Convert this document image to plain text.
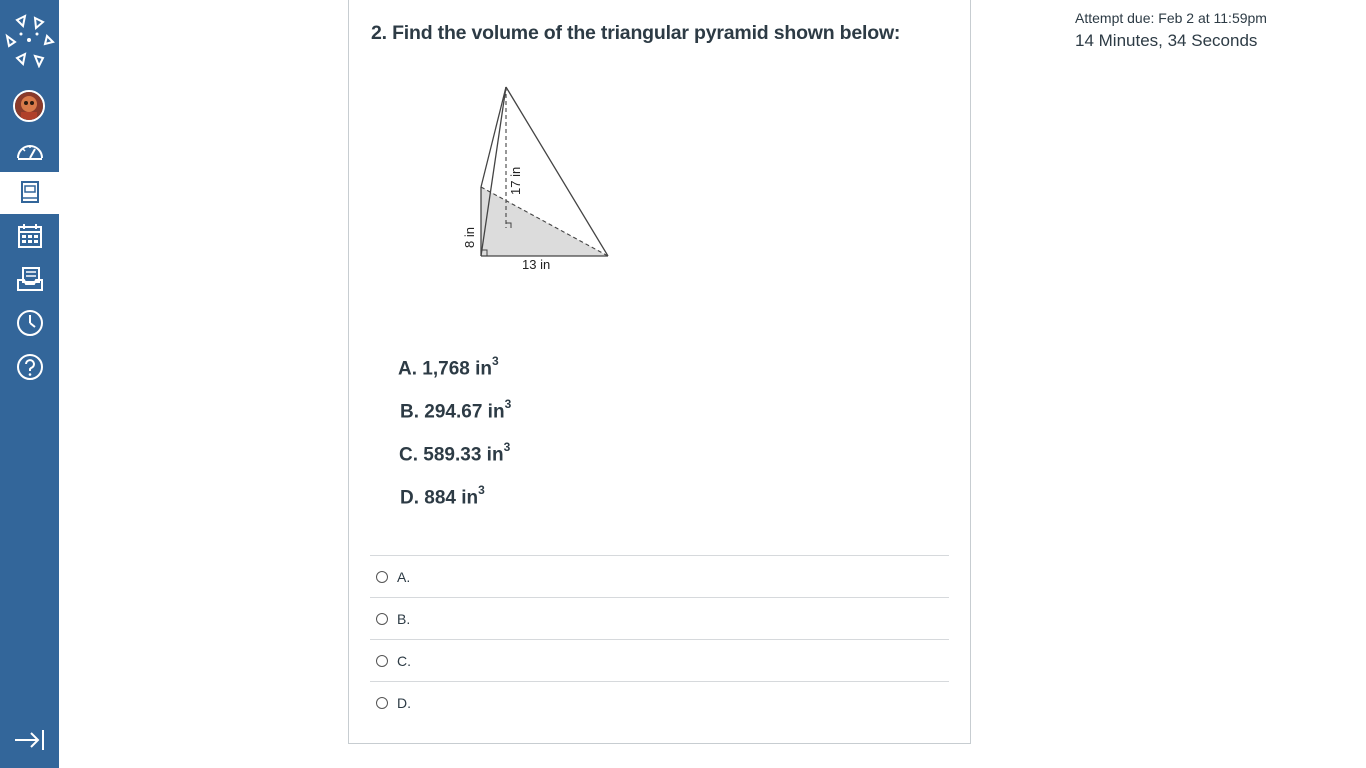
2. Find the volume of the triangular pyramid shown below:
17 in
8 in
13 in
A. 1,768 $in^3$
B. 294.67 $in^3$
C. 589.33 $in^3$
D. 884 $in^3$
A.
B.
C.
D.
Attempt due: Feb 2 at 11:59pm
14 Minutes, 34 Seconds
